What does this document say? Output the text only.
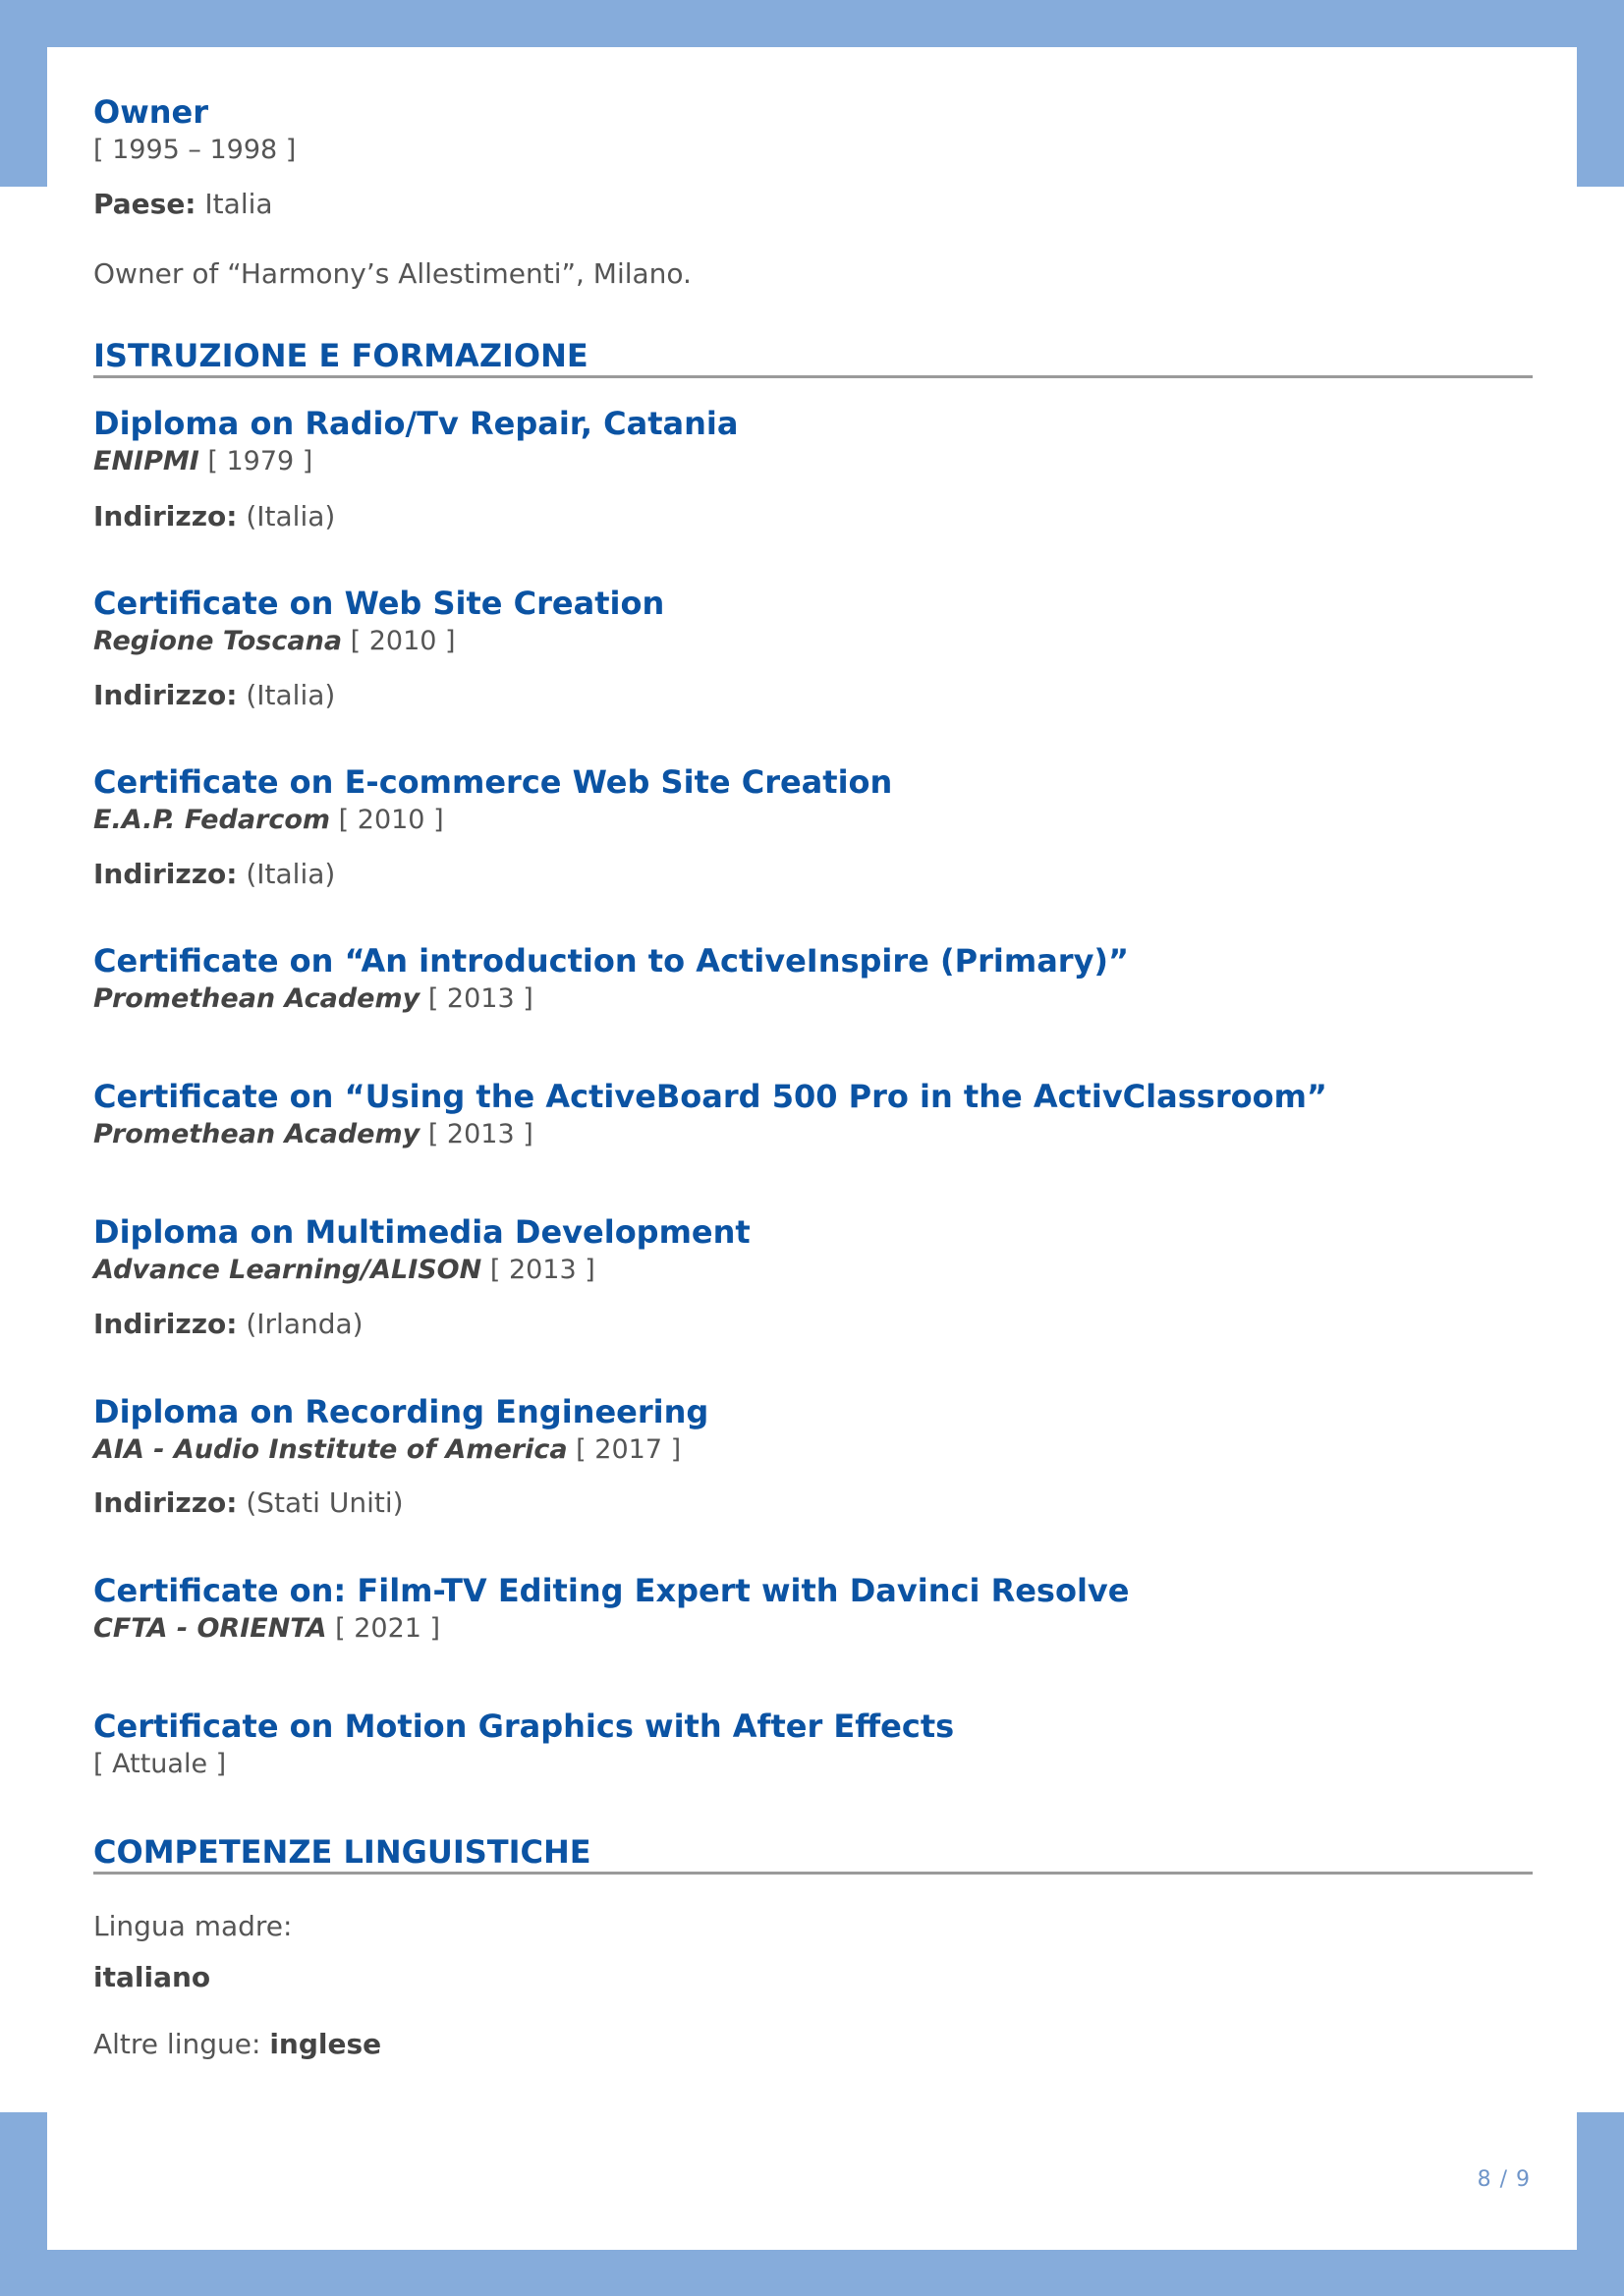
Owner
[ 1995 – 1998 ]
Paese: Italia
Owner of “Harmony’s Allestimenti”, Milano.
ISTRUZIONE E FORMAZIONE
Diploma on Radio/Tv Repair, Catania
ENIPMI [ 1979 ]
Indirizzo: (Italia)
Certificate on Web Site Creation
Regione Toscana [ 2010 ]
Indirizzo: (Italia)
Certificate on E-commerce Web Site Creation
E.A.P. Fedarcom [ 2010 ]
Indirizzo: (Italia)
Certificate on “An introduction to ActiveInspire (Primary)”
Promethean Academy [ 2013 ]
Certificate on “Using the ActiveBoard 500 Pro in the ActivClassroom”
Promethean Academy [ 2013 ]
Diploma on Multimedia Development
Advance Learning/ALISON [ 2013 ]
Indirizzo: (Irlanda)
Diploma on Recording Engineering
AIA - Audio Institute of America [ 2017 ]
Indirizzo: (Stati Uniti)
Certificate on: Film-TV Editing Expert with Davinci Resolve
CFTA - ORIENTA [ 2021 ]
Certificate on Motion Graphics with After Effects
[ Attuale ]
COMPETENZE LINGUISTICHE
Lingua madre:
italiano
Altre lingue: inglese
8 / 9
